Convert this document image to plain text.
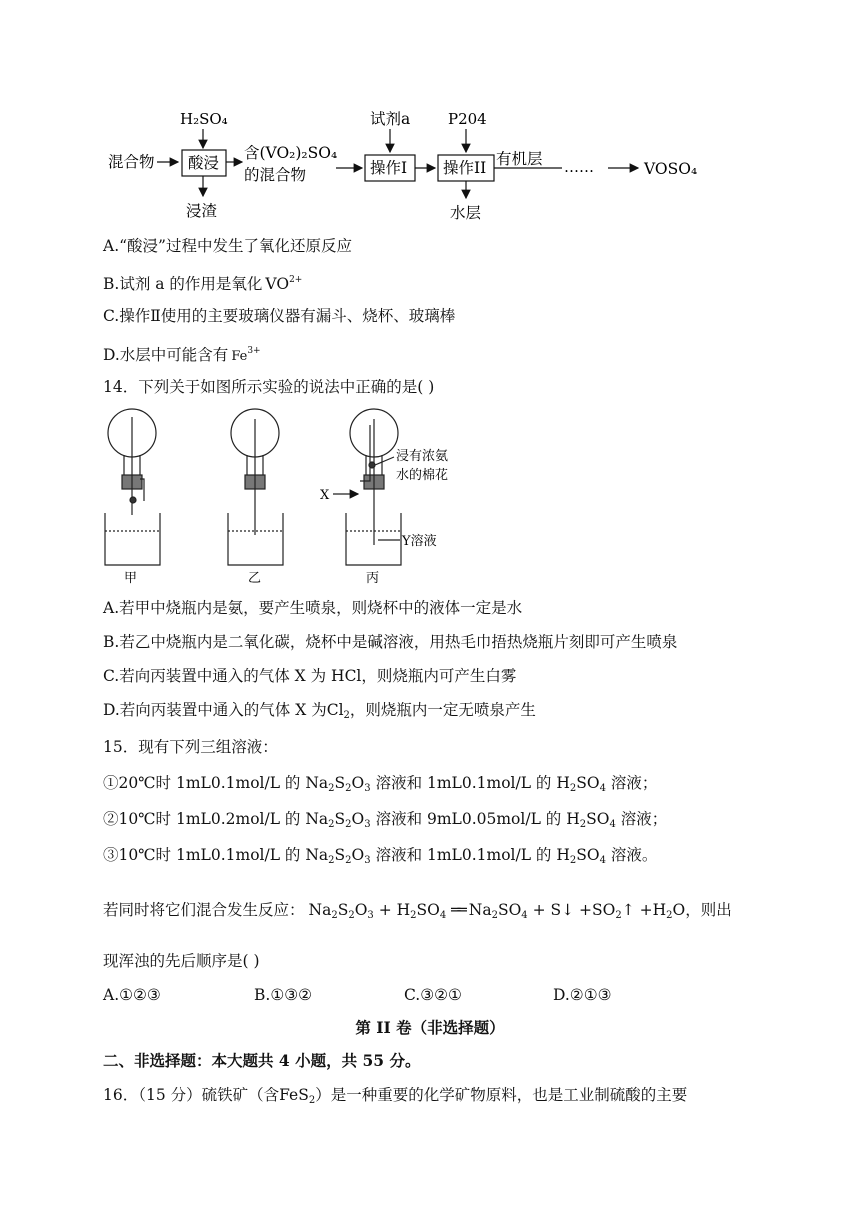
H₂SO₄
混合物 酸浸
浸渣
含(VO₂)₂SO₄
的混合物
试剂a
操作I
P204
操作II
水层
有机层 ……	VOSO₄
A.“酸浸”过程中发生了氧化还原反应
B.试剂 a 的作用是氧化 $VO^{2+}$
C.操作Ⅱ使用的主要玻璃仪器有漏斗、烧杯、玻璃棒
D.水层中可能含有 $Fe^{3+}$
14．下列关于如图所示实验的说法中正确的是( )
甲	乙	丙
浸有浓氨
水的棉花
X
Y溶液
A.若甲中烧瓶内是氨，要产生喷泉，则烧杯中的液体一定是水
B.若乙中烧瓶内是二氧化碳，烧杯中是碱溶液，用热毛巾捂热烧瓶片刻即可产生喷泉
C.若向丙装置中通入的气体 X 为 HCl，则烧瓶内可产生白雾
D.若向丙装置中通入的气体 X 为$Cl_2$，则烧瓶内一定无喷泉产生
15．现有下列三组溶液：
①20℃时 1mL0.1mol/L 的 $Na_2S_2O_3$ 溶液和 1mL0.1mol/L 的 $H_2SO_4$ 溶液；
②10℃时 1mL0.2mol/L 的 $Na_2S_2O_3$ 溶液和 9mL0.05mol/L 的 $H_2SO_4$ 溶液；
③10℃时 1mL0.1mol/L 的 $Na_2S_2O_3$ 溶液和 1mL0.1mol/L 的 $H_2SO_4$ 溶液。
若同时将它们混合发生反应： $Na_2S_2O_3 + H_2SO_4$ ══ $Na_2SO_4$ + S↓ $+SO_2↑ +H_2O$，则出
现浑浊的先后顺序是( )
A.①②③	B.①③②	C.③②①	D.②①③
第 II 卷（非选择题）
二、非选择题：本大题共 4 小题，共 55 分。
16．（15 分）硫铁矿（含FeS$_2$）是一种重要的化学矿物原料，也是工业制硫酸的主要
